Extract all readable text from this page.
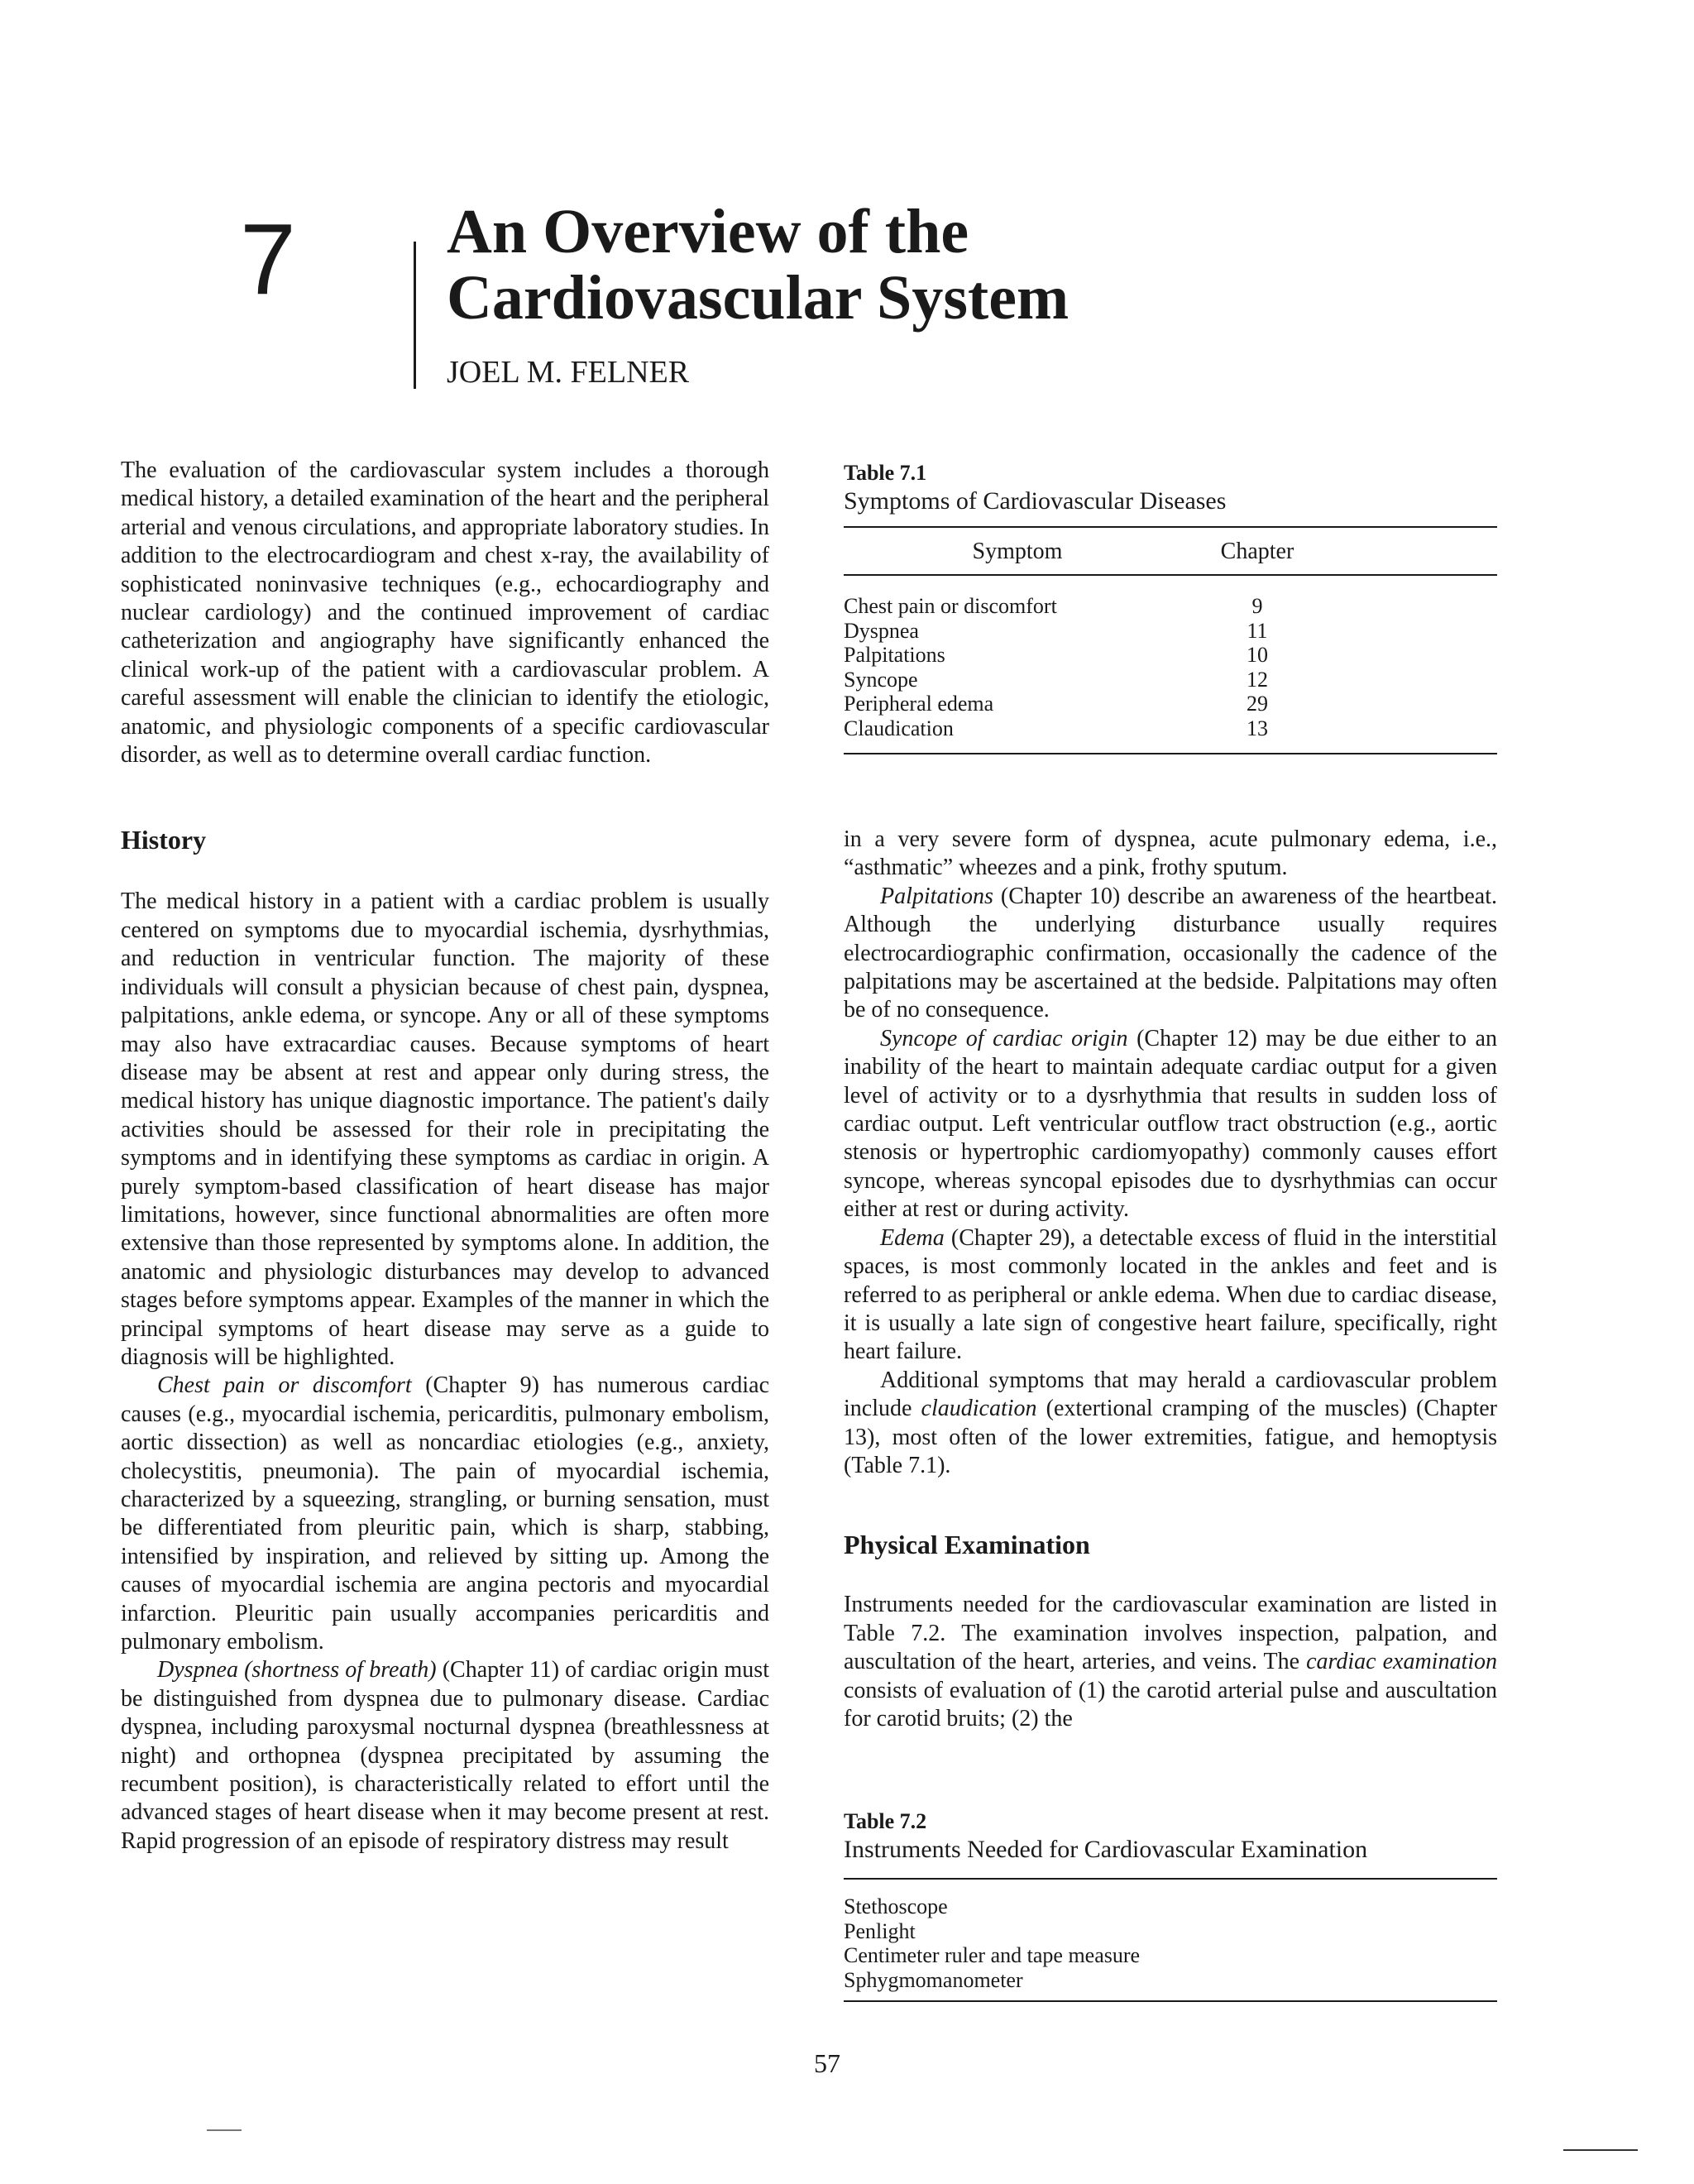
7	An Overview of the
Cardiovascular System
JOEL M. FELNER

The evaluation of the cardiovascular system includes a thorough medical history, a detailed examination of the heart and the peripheral arterial and venous circulations, and appropriate laboratory studies. In addition to the electrocardiogram and chest x-ray, the availability of sophisticated noninvasive techniques (e.g., echocardiography and nuclear cardiology) and the continued improvement of cardiac catheterization and angiography have significantly enhanced the clinical work-up of the patient with a cardiovascular problem. A careful assessment will enable the clinician to identify the etiologic, anatomic, and physiologic components of a specific cardiovascular disorder, as well as to determine overall cardiac function.

History

The medical history in a patient with a cardiac problem is usually centered on symptoms due to myocardial ischemia, dysrhythmias, and reduction in ventricular function. The majority of these individuals will consult a physician because of chest pain, dyspnea, palpitations, ankle edema, or syncope. Any or all of these symptoms may also have extracardiac causes. Because symptoms of heart disease may be absent at rest and appear only during stress, the medical history has unique diagnostic importance. The patient's daily activities should be assessed for their role in precipitating the symptoms and in identifying these symptoms as cardiac in origin. A purely symptom-based classification of heart disease has major limitations, however, since functional abnormalities are often more extensive than those represented by symptoms alone. In addition, the anatomic and physiologic disturbances may develop to advanced stages before symptoms appear. Examples of the manner in which the principal symptoms of heart disease may serve as a guide to diagnosis will be highlighted.

Chest pain or discomfort (Chapter 9) has numerous cardiac causes (e.g., myocardial ischemia, pericarditis, pulmonary embolism, aortic dissection) as well as noncardiac etiologies (e.g., anxiety, cholecystitis, pneumonia). The pain of myocardial ischemia, characterized by a squeezing, strangling, or burning sensation, must be differentiated from pleuritic pain, which is sharp, stabbing, intensified by inspiration, and relieved by sitting up. Among the causes of myocardial ischemia are angina pectoris and myocardial infarction. Pleuritic pain usually accompanies pericarditis and pulmonary embolism.

Dyspnea (shortness of breath) (Chapter 11) of cardiac origin must be distinguished from dyspnea due to pulmonary disease. Cardiac dyspnea, including paroxysmal nocturnal dyspnea (breathlessness at night) and orthopnea (dyspnea precipitated by assuming the recumbent position), is characteristically related to effort until the advanced stages of heart disease when it may become present at rest. Rapid progression of an episode of respiratory distress may result

Table 7.1
Symptoms of Cardiovascular Diseases
Symptom	Chapter
Chest pain or discomfort	9
Dyspnea	11
Palpitations	10
Syncope	12
Peripheral edema	29
Claudication	13

in a very severe form of dyspnea, acute pulmonary edema, i.e., “asthmatic” wheezes and a pink, frothy sputum.

Palpitations (Chapter 10) describe an awareness of the heartbeat. Although the underlying disturbance usually requires electrocardiographic confirmation, occasionally the cadence of the palpitations may be ascertained at the bedside. Palpitations may often be of no consequence.

Syncope of cardiac origin (Chapter 12) may be due either to an inability of the heart to maintain adequate cardiac output for a given level of activity or to a dysrhythmia that results in sudden loss of cardiac output. Left ventricular outflow tract obstruction (e.g., aortic stenosis or hypertrophic cardiomyopathy) commonly causes effort syncope, whereas syncopal episodes due to dysrhythmias can occur either at rest or during activity.

Edema (Chapter 29), a detectable excess of fluid in the interstitial spaces, is most commonly located in the ankles and feet and is referred to as peripheral or ankle edema. When due to cardiac disease, it is usually a late sign of congestive heart failure, specifically, right heart failure.

Additional symptoms that may herald a cardiovascular problem include claudication (extertional cramping of the muscles) (Chapter 13), most often of the lower extremities, fatigue, and hemoptysis (Table 7.1).

Physical Examination

Instruments needed for the cardiovascular examination are listed in Table 7.2. The examination involves inspection, palpation, and auscultation of the heart, arteries, and veins. The cardiac examination consists of evaluation of (1) the carotid arterial pulse and auscultation for carotid bruits; (2) the

Table 7.2
Instruments Needed for Cardiovascular Examination
Stethoscope
Penlight
Centimeter ruler and tape measure
Sphygmomanometer
57
